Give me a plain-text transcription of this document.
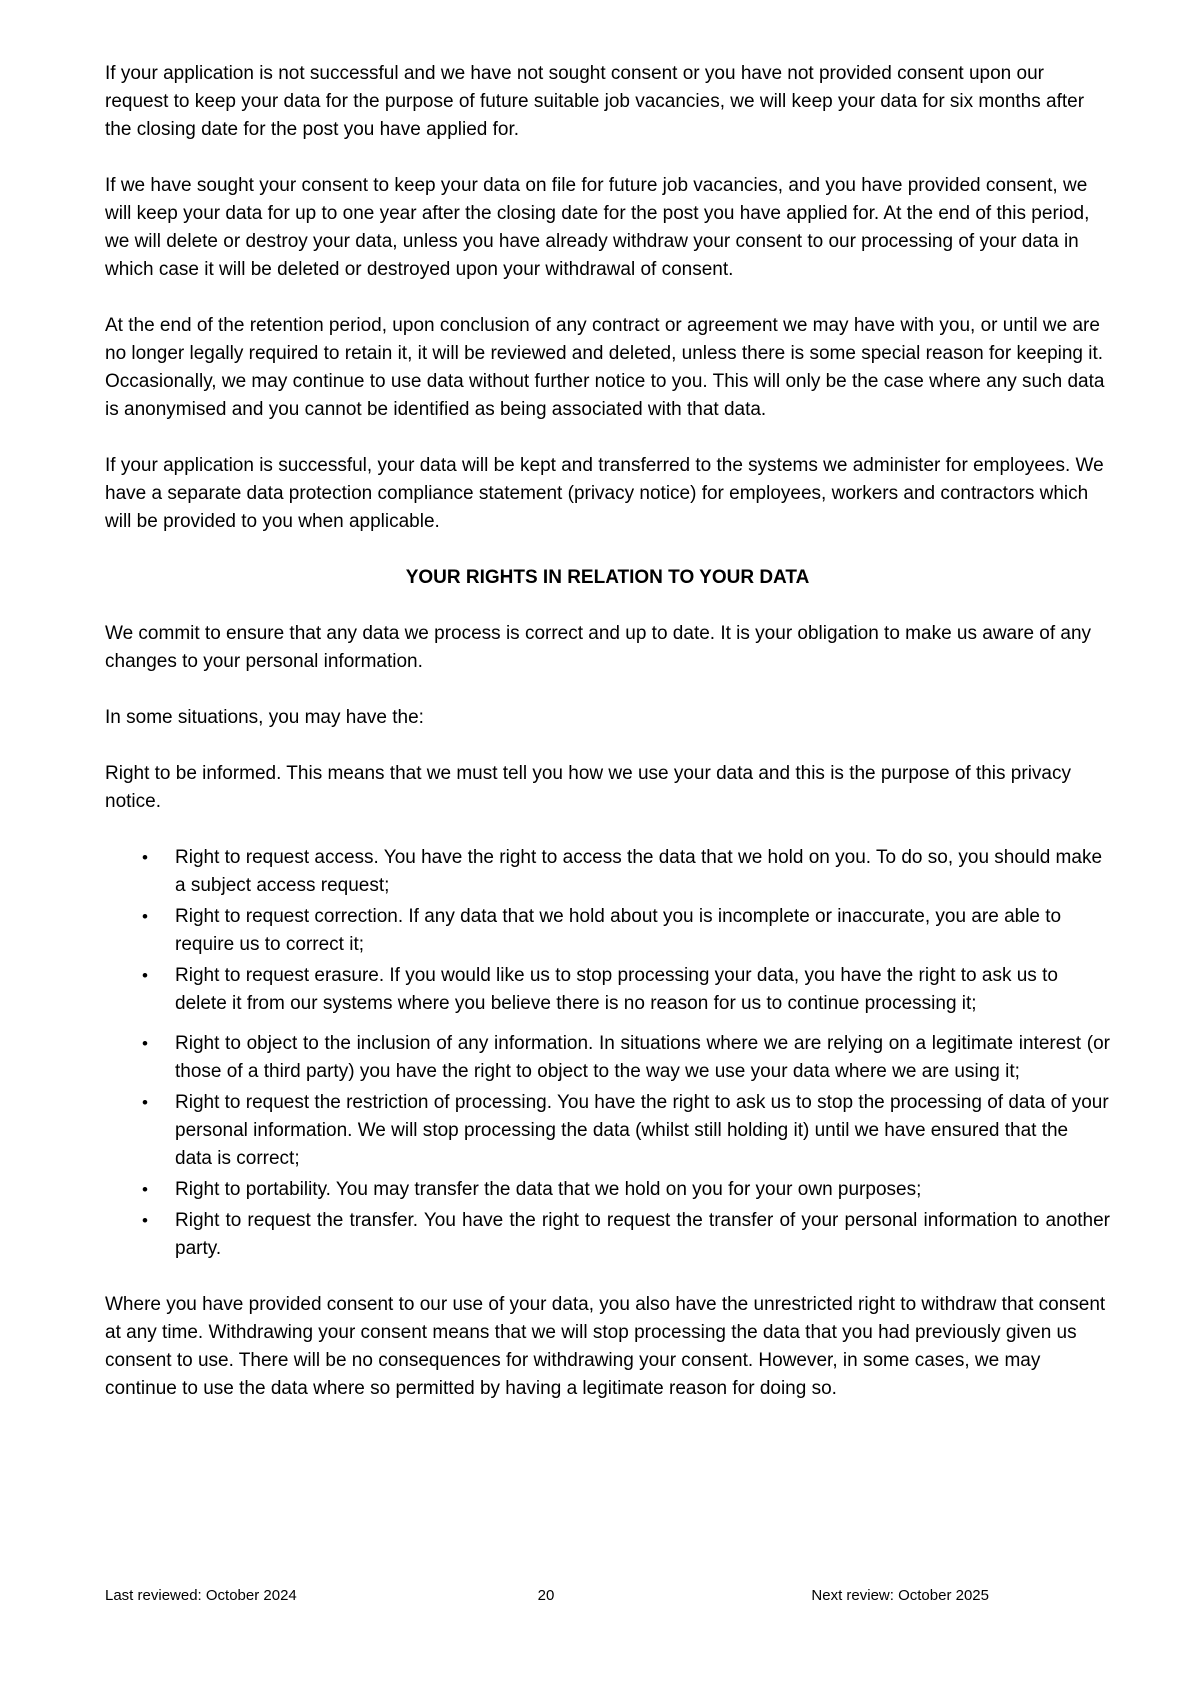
If your application is not successful and we have not sought consent or you have not provided consent upon our request to keep your data for the purpose of future suitable job vacancies, we will keep your data for six months after the closing date for the post you have applied for.

If we have sought your consent to keep your data on file for future job vacancies, and you have provided consent, we will keep your data for up to one year after the closing date for the post you have applied for. At the end of this period, we will delete or destroy your data, unless you have already withdraw your consent to our processing of your data in which case it will be deleted or destroyed upon your withdrawal of consent.

At the end of the retention period, upon conclusion of any contract or agreement we may have with you, or until we are no longer legally required to retain it, it will be reviewed and deleted, unless there is some special reason for keeping it. Occasionally, we may continue to use data without further notice to you. This will only be the case where any such data is anonymised and you cannot be identified as being associated with that data.

If your application is successful, your data will be kept and transferred to the systems we administer for employees. We have a separate data protection compliance statement (privacy notice) for employees, workers and contractors which will be provided to you when applicable.

YOUR RIGHTS IN RELATION TO YOUR DATA

We commit to ensure that any data we process is correct and up to date. It is your obligation to make us aware of any changes to your personal information.

In some situations, you may have the:

Right to be informed. This means that we must tell you how we use your data and this is the purpose of this privacy notice.

•
Right to request access. You have the right to access the data that we hold on you. To do so, you should make a subject access request;
•
Right to request correction. If any data that we hold about you is incomplete or inaccurate, you are able to require us to correct it;
•
Right to request erasure. If you would like us to stop processing your data, you have the right to ask us to delete it from our systems where you believe there is no reason for us to continue processing it;
•
Right to object to the inclusion of any information. In situations where we are relying on a legitimate interest (or those of a third party) you have the right to object to the way we use your data where we are using it;
•
Right to request the restriction of processing. You have the right to ask us to stop the processing of data of your personal information. We will stop processing the data (whilst still holding it) until we have ensured that the data is correct;
•
Right to portability. You may transfer the data that we hold on you for your own purposes;
•
Right to request the transfer. You have the right to request the transfer of your personal information to another party.

Where you have provided consent to our use of your data, you also have the unrestricted right to withdraw that consent at any time. Withdrawing your consent means that we will stop processing the data that you had previously given us consent to use. There will be no consequences for withdrawing your consent. However, in some cases, we may continue to use the data where so permitted by having a legitimate reason for doing so.

Last reviewed: October 2024	20	Next review: October 2025
